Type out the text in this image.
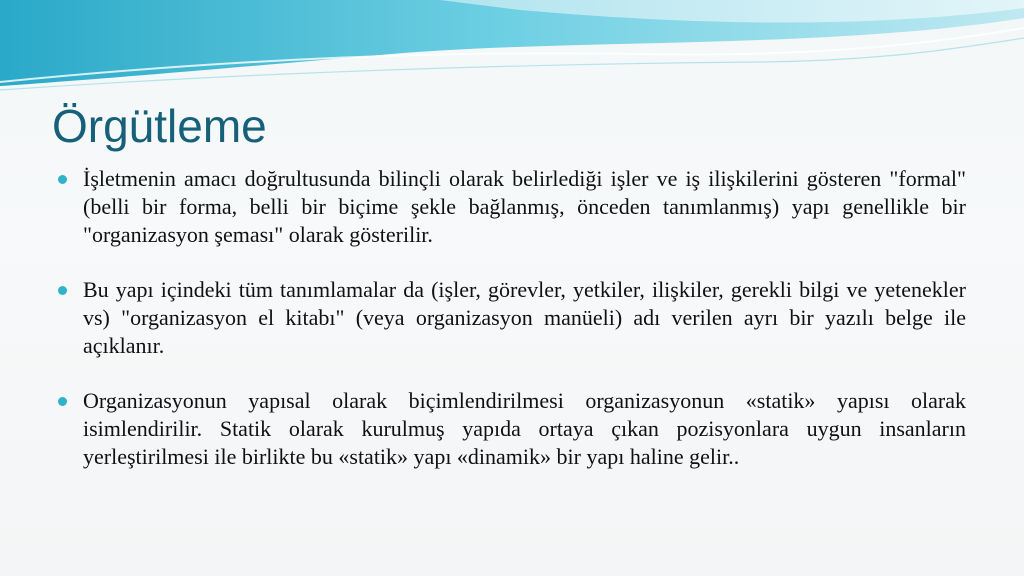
Örgütleme

İşletmenin amacı doğrultusunda bilinçli olarak belirlediği işler ve iş ilişkilerini gösteren "formal" (belli bir forma, belli bir biçime şekle bağlanmış, önceden tanımlanmış) yapı genellikle bir "organizasyon şeması" olarak gösterilir.

Bu yapı içindeki tüm tanımlamalar da (işler, görevler, yetkiler, ilişkiler, gerekli bilgi ve yetenekler vs) "organizasyon el kitabı" (veya organizasyon manüeli) adı verilen ayrı bir yazılı belge ile açıklanır.

Organizasyonun yapısal olarak biçimlendirilmesi organizasyonun «statik» yapısı olarak isimlendirilir. Statik olarak kurulmuş yapıda ortaya çıkan pozisyonlara uygun insanların yerleştirilmesi ile birlikte bu «statik» yapı «dinamik» bir yapı haline gelir..
